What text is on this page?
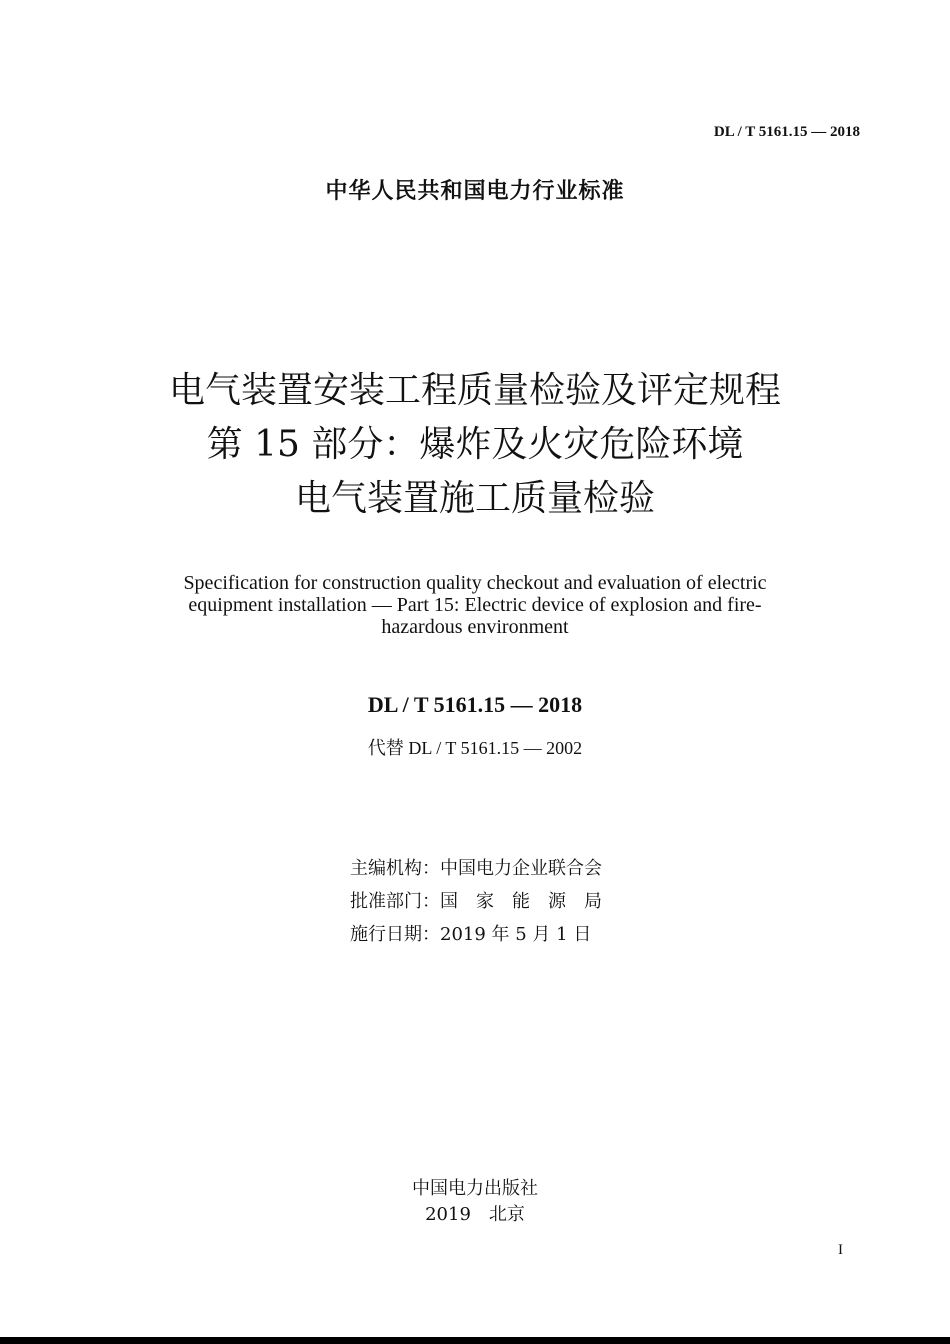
DL / T 5161.15 — 2018
中华人民共和国电力行业标准
电气装置安装工程质量检验及评定规程
第 15 部分：爆炸及火灾危险环境
电气装置施工质量检验
Specification for construction quality checkout and evaluation of electric
equipment installation — Part 15: Electric device of explosion and fire-
hazardous environment
DL / T 5161.15 — 2018
代替 DL / T 5161.15 — 2002
主编机构：中国电力企业联合会
批准部门：国　家　能　源　局
施行日期：2019 年 5 月 1 日
中国电力出版社
2019　北京
I
